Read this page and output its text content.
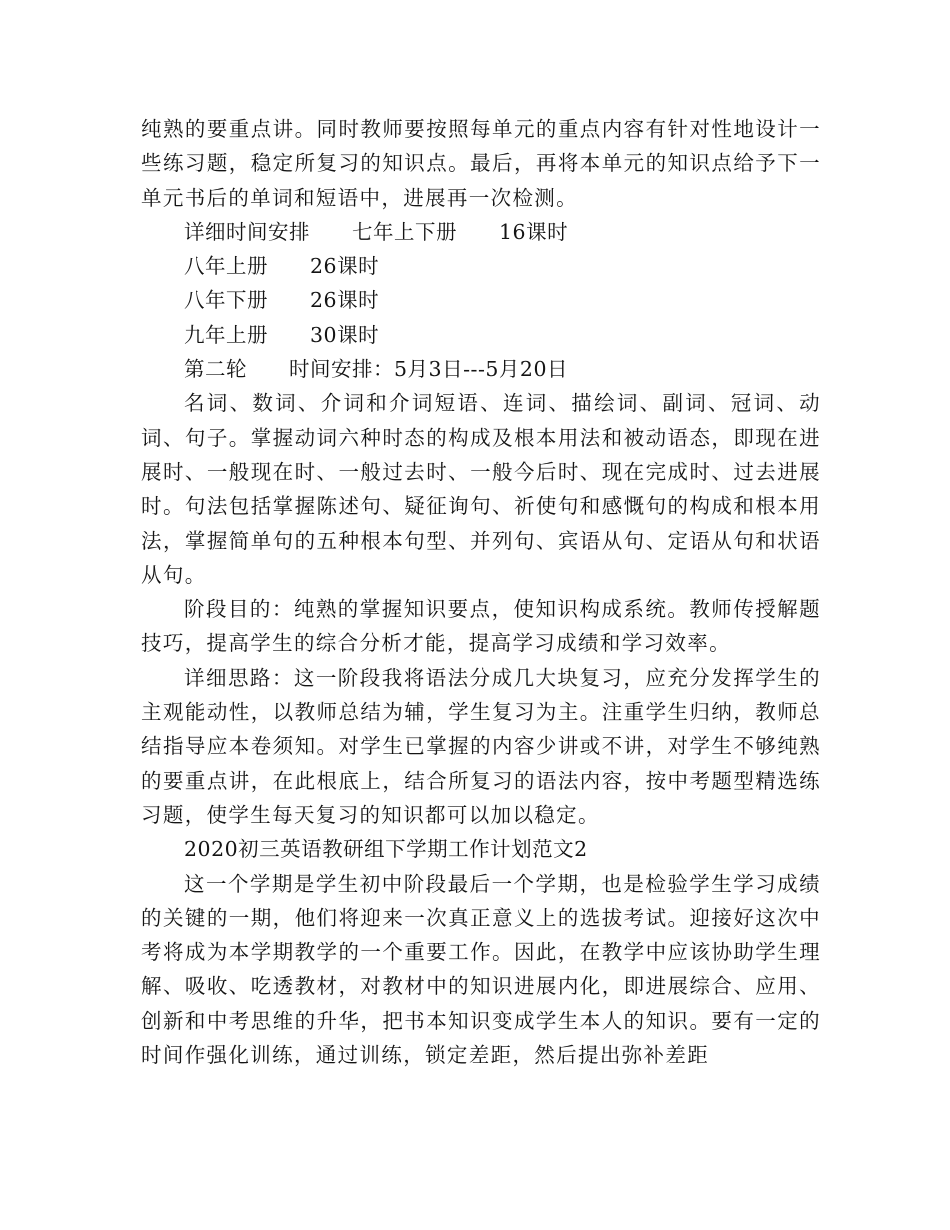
纯熟的要重点讲。同时教师要按照每单元的重点内容有针对性地设计一些练习题，稳定所复习的知识点。最后，再将本单元的知识点给予下一单元书后的单词和短语中，进展再一次检测。

详细时间安排　　七年上下册　　16课时

八年上册　　26课时

八年下册　　26课时

九年上册　　30课时

第二轮　　时间安排：5月3日---5月20日

名词、数词、介词和介词短语、连词、描绘词、副词、冠词、动词、句子。掌握动词六种时态的构成及根本用法和被动语态，即现在进展时、一般现在时、一般过去时、一般今后时、现在完成时、过去进展时。句法包括掌握陈述句、疑征询句、祈使句和感慨句的构成和根本用法，掌握简单句的五种根本句型、并列句、宾语从句、定语从句和状语从句。

阶段目的：纯熟的掌握知识要点，使知识构成系统。教师传授解题技巧，提高学生的综合分析才能，提高学习成绩和学习效率。

详细思路：这一阶段我将语法分成几大块复习，应充分发挥学生的主观能动性，以教师总结为辅，学生复习为主。注重学生归纳，教师总结指导应本卷须知。对学生已掌握的内容少讲或不讲，对学生不够纯熟的要重点讲，在此根底上，结合所复习的语法内容，按中考题型精选练习题，使学生每天复习的知识都可以加以稳定。

2020初三英语教研组下学期工作计划范文2

这一个学期是学生初中阶段最后一个学期，也是检验学生学习成绩的关键的一期，他们将迎来一次真正意义上的选拔考试。迎接好这次中考将成为本学期教学的一个重要工作。因此，在教学中应该协助学生理解、吸收、吃透教材，对教材中的知识进展内化，即进展综合、应用、创新和中考思维的升华，把书本知识变成学生本人的知识。要有一定的时间作强化训练，通过训练，锁定差距，然后提出弥补差距
